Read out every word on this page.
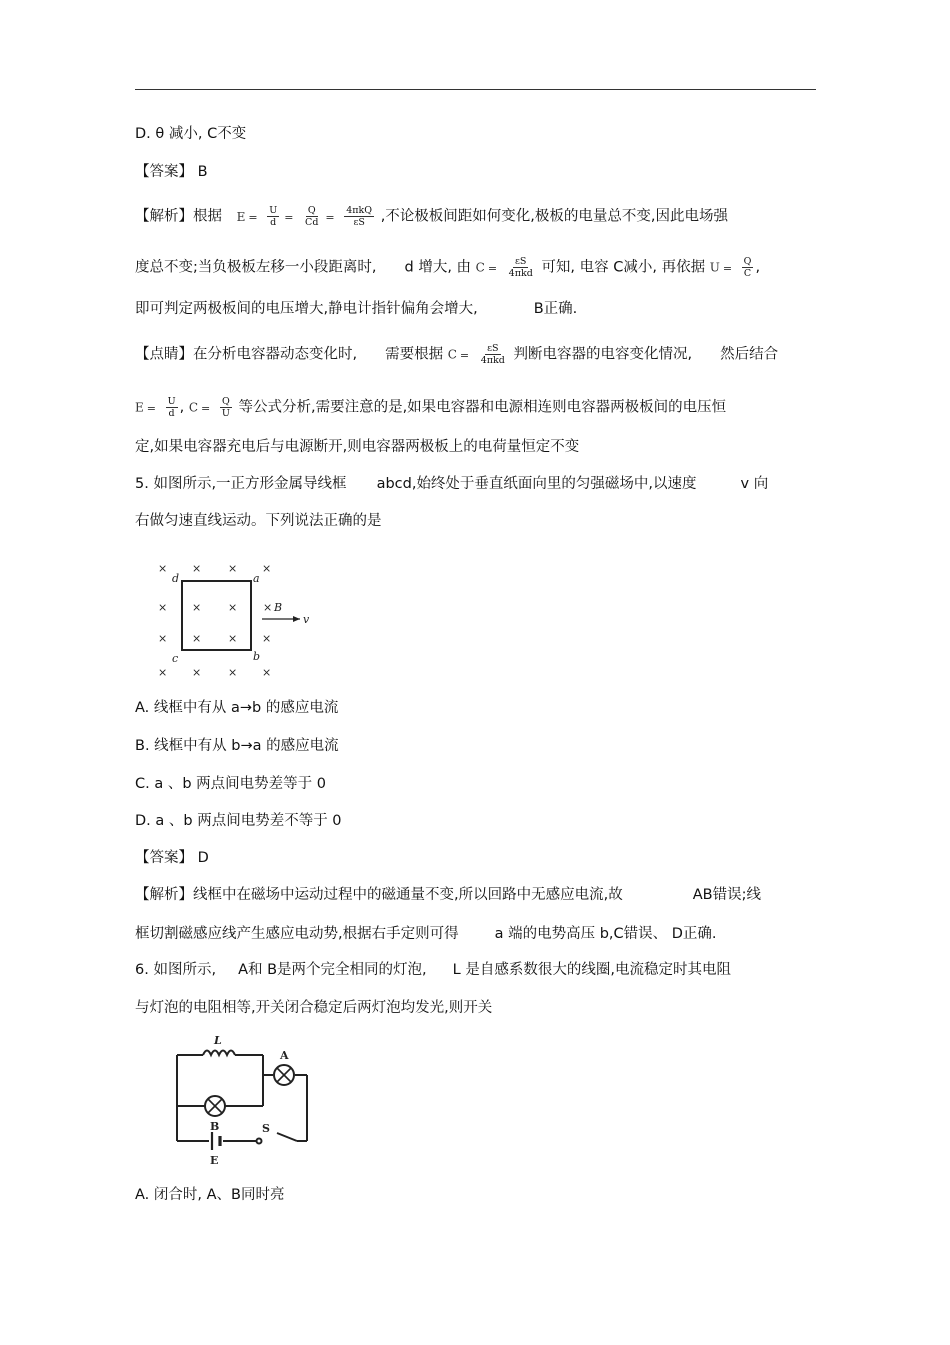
D. θ 减小, C不变
【答案】 B
【解析】根据 $E = \frac{U}{d} = \frac{Q}{Cd} = \frac{\text{4πkQ}}{\varepsilon S}$ ,不论极板间距如何变化,极板的电量总不变,因此电场强
度总不变;当负极板左移一小段距离时, d 增大, 由 $C = \frac{\varepsilon S}{\text{4πkd}}$ 可知, 电容 C减小, 再依据 $U = \frac{Q}{C}$ ,
即可判定两极板间的电压增大,静电计指针偏角会增大,	B正确.
【点睛】在分析电容器动态变化时, 需要根据 $C = \frac{\varepsilon S}{\text{4πkd}}$ 判断电容器的电容变化情况, 然后结合
$E = \frac{U}{d}$ , $C = \frac{Q}{U}$ 等公式分析,需要注意的是,如果电容器和电源相连则电容器两极板间的电压恒
定,如果电容器充电后与电源断开,则电容器两极板上的电荷量恒定不变
5. 如图所示,一正方形金属导线框 abcd,始终处于垂直纸面向里的匀强磁场中,以速度	v 向
右做匀速直线运动。下列说法正确的是
× × × ×
× × × ×
× × × ×
× × × ×
d	a
b
c
B
v
A. 线框中有从 a→b 的感应电流
B. 线框中有从 b→a 的感应电流
C. a 、b 两点间电势差等于 0
D. a 、b 两点间电势差不等于 0
【答案】 D
【解析】线框中在磁场中运动过程中的磁通量不变,所以回路中无感应电流,故	AB错误;线
框切割磁感应线产生感应电动势,根据右手定则可得 a 端的电势高压 b,C错误、 D正确.
6. 如图所示, A和 B是两个完全相同的灯泡, L 是自感系数很大的线圈,电流稳定时其电阻
与灯泡的电阻相等,开关闭合稳定后两灯泡均发光,则开关
L
A
B	S
E
A. 闭合时, A、B同时亮
